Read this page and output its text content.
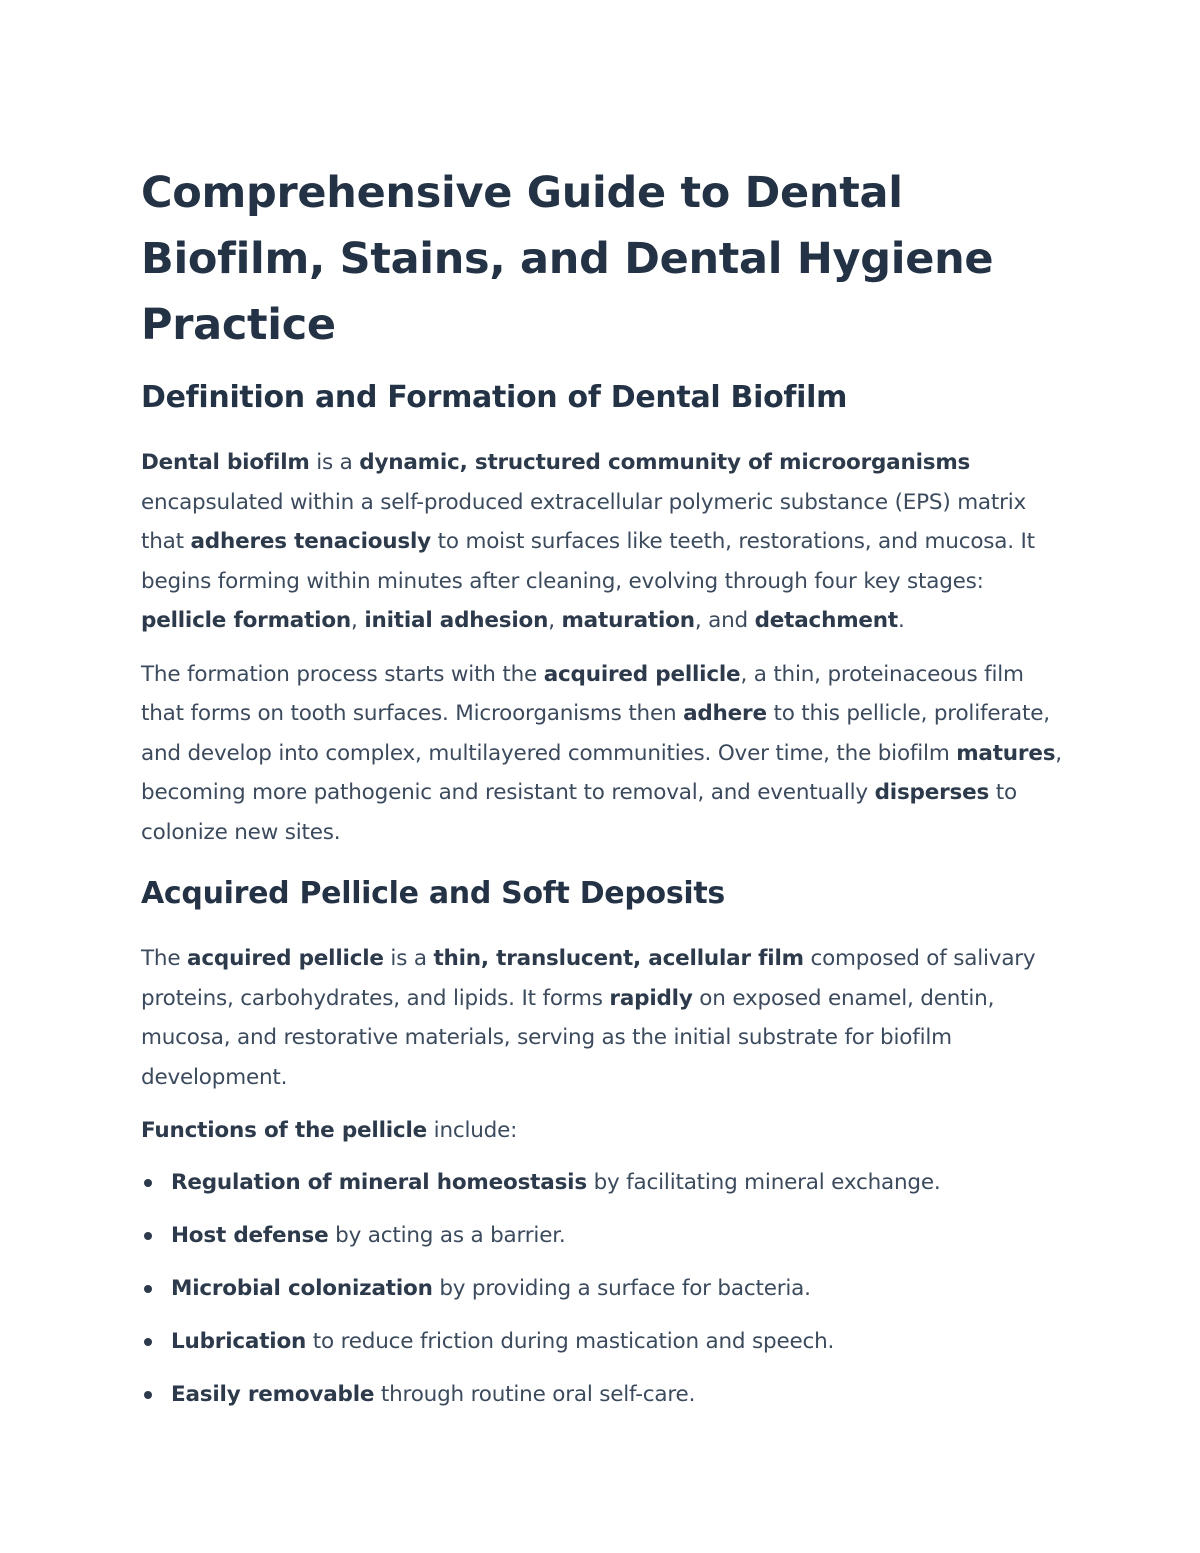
Comprehensive Guide to Dental Biofilm, Stains, and Dental Hygiene Practice
Definition and Formation of Dental Biofilm

Dental biofilm is a dynamic, structured community of microorganisms encapsulated within a self-produced extracellular polymeric substance (EPS) matrix that adheres tenaciously to moist surfaces like teeth, restorations, and mucosa. It begins forming within minutes after cleaning, evolving through four key stages: pellicle formation, initial adhesion, maturation, and detachment.

The formation process starts with the acquired pellicle, a thin, proteinaceous film that forms on tooth surfaces. Microorganisms then adhere to this pellicle, proliferate, and develop into complex, multilayered communities. Over time, the biofilm matures, becoming more pathogenic and resistant to removal, and eventually disperses to colonize new sites.

Acquired Pellicle and Soft Deposits

The acquired pellicle is a thin, translucent, acellular film composed of salivary proteins, carbohydrates, and lipids. It forms rapidly on exposed enamel, dentin, mucosa, and restorative materials, serving as the initial substrate for biofilm development.

Functions of the pellicle include:

Regulation of mineral homeostasis by facilitating mineral exchange.
Host defense by acting as a barrier.
Microbial colonization by providing a surface for bacteria.
Lubrication to reduce friction during mastication and speech.
Easily removable through routine oral self-care.
